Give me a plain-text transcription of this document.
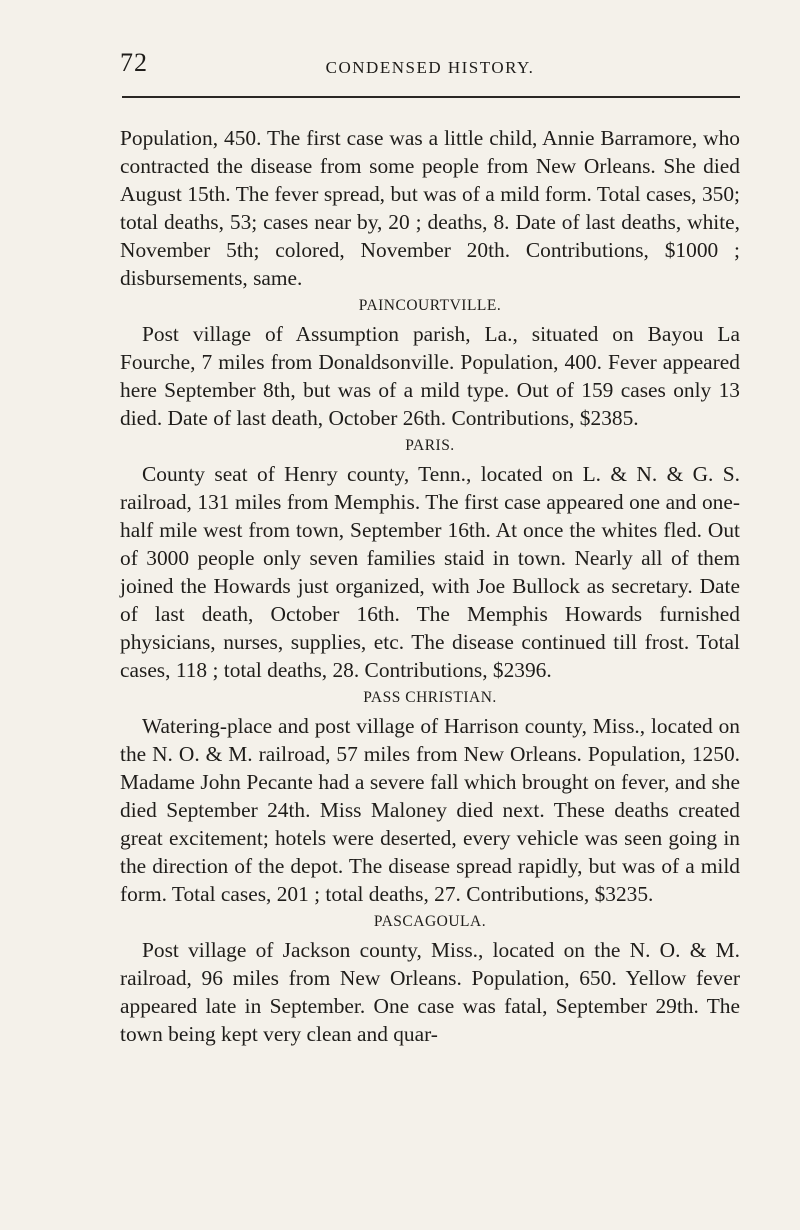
72	CONDENSED HISTORY.

Population, 450. The first case was a little child, Annie Barramore, who contracted the disease from some people from New Orleans. She died August 15th. The fever spread, but was of a mild form. Total cases, 350; total deaths, 53; cases near by, 20 ; deaths, 8. Date of last deaths, white, November 5th; colored, November 20th. Contributions, $1000 ; disbursements, same.

PAINCOURTVILLE.

Post village of Assumption parish, La., situated on Bayou La Fourche, 7 miles from Donaldsonville. Population, 400. Fever appeared here September 8th, but was of a mild type. Out of 159 cases only 13 died. Date of last death, October 26th. Contributions, $2385.

PARIS.

County seat of Henry county, Tenn., located on L. & N. & G. S. railroad, 131 miles from Memphis. The first case appeared one and one-half mile west from town, September 16th. At once the whites fled. Out of 3000 people only seven families staid in town. Nearly all of them joined the Howards just organized, with Joe Bullock as secretary. Date of last death, October 16th. The Memphis Howards furnished physicians, nurses, supplies, etc. The disease continued till frost. Total cases, 118 ; total deaths, 28. Contributions, $2396.

PASS CHRISTIAN.

Watering-place and post village of Harrison county, Miss., located on the N. O. & M. railroad, 57 miles from New Orleans. Population, 1250. Madame John Pecante had a severe fall which brought on fever, and she died September 24th. Miss Maloney died next. These deaths created great excitement; hotels were deserted, every vehicle was seen going in the direction of the depot. The disease spread rapidly, but was of a mild form. Total cases, 201 ; total deaths, 27. Contributions, $3235.

PASCAGOULA.

Post village of Jackson county, Miss., located on the N. O. & M. railroad, 96 miles from New Orleans. Population, 650. Yellow fever appeared late in September. One case was fatal, September 29th. The town being kept very clean and quar-
